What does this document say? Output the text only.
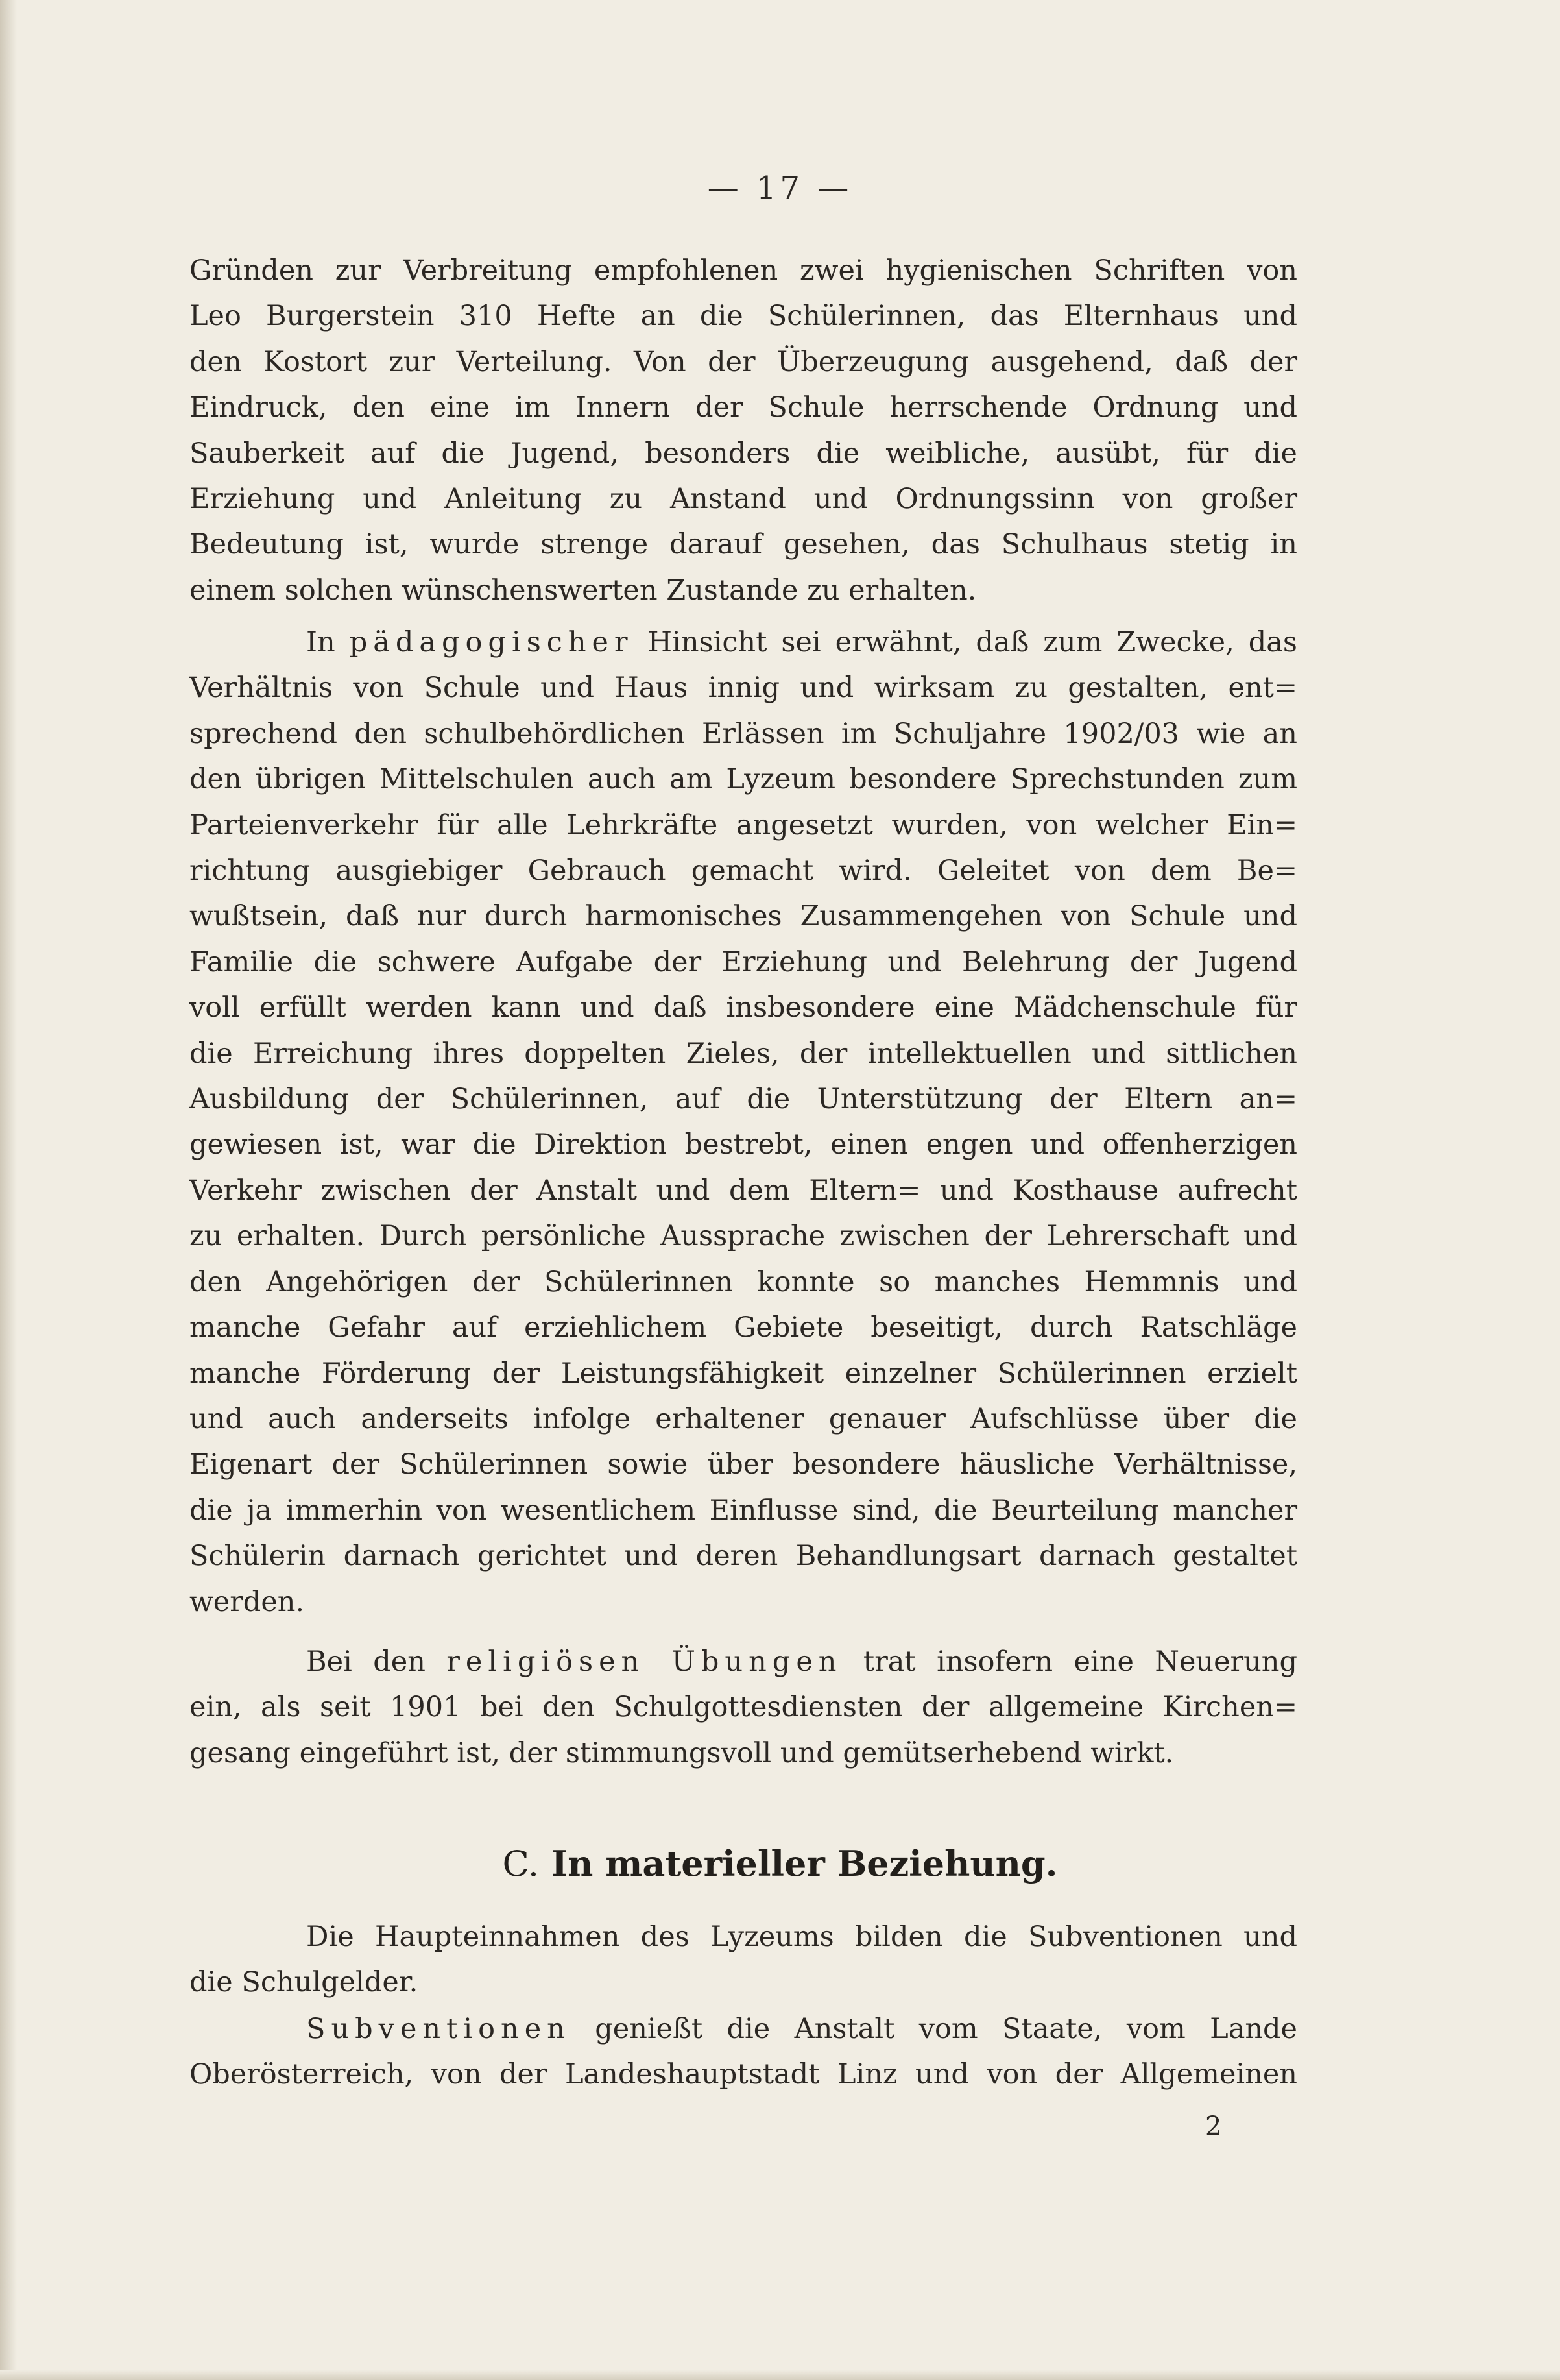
— 17 —
Gründen zur Verbreitung empfohlenen zwei hygienischen Schriften von
Leo Burgerstein 310 Hefte an die Schülerinnen, das Elternhaus und
den Kostort zur Verteilung. Von der Überzeugung ausgehend, daß der
Eindruck, den eine im Innern der Schule herrschende Ordnung und
Sauberkeit auf die Jugend, besonders die weibliche, ausübt, für die
Erziehung und Anleitung zu Anstand und Ordnungssinn von großer
Bedeutung ist, wurde strenge darauf gesehen, das Schulhaus stetig in
einem solchen wünschenswerten Zustande zu erhalten.
In pädagogischer Hinsicht sei erwähnt, daß zum Zwecke, das
Verhältnis von Schule und Haus innig und wirksam zu gestalten, ent=
sprechend den schulbehördlichen Erlässen im Schuljahre 1902/03 wie an
den übrigen Mittelschulen auch am Lyzeum besondere Sprechstunden zum
Parteienverkehr für alle Lehrkräfte angesetzt wurden, von welcher Ein=
richtung ausgiebiger Gebrauch gemacht wird. Geleitet von dem Be=
wußtsein, daß nur durch harmonisches Zusammengehen von Schule und
Familie die schwere Aufgabe der Erziehung und Belehrung der Jugend
voll erfüllt werden kann und daß insbesondere eine Mädchenschule für
die Erreichung ihres doppelten Zieles, der intellektuellen und sittlichen
Ausbildung der Schülerinnen, auf die Unterstützung der Eltern an=
gewiesen ist, war die Direktion bestrebt, einen engen und offenherzigen
Verkehr zwischen der Anstalt und dem Eltern= und Kosthause aufrecht
zu erhalten. Durch persönliche Aussprache zwischen der Lehrerschaft und
den Angehörigen der Schülerinnen konnte so manches Hemmnis und
manche Gefahr auf erziehlichem Gebiete beseitigt, durch Ratschläge
manche Förderung der Leistungsfähigkeit einzelner Schülerinnen erzielt
und auch anderseits infolge erhaltener genauer Aufschlüsse über die
Eigenart der Schülerinnen sowie über besondere häusliche Verhältnisse,
die ja immerhin von wesentlichem Einflusse sind, die Beurteilung mancher
Schülerin darnach gerichtet und deren Behandlungsart darnach gestaltet
werden.
Bei den religiösen Übungen trat insofern eine Neuerung
ein, als seit 1901 bei den Schulgottesdiensten der allgemeine Kirchen=
gesang eingeführt ist, der stimmungsvoll und gemütserhebend wirkt.
C. In materieller Beziehung.
Die Haupteinnahmen des Lyzeums bilden die Subventionen und
die Schulgelder.
Subventionen genießt die Anstalt vom Staate, vom Lande
Oberösterreich, von der Landeshauptstadt Linz und von der Allgemeinen
2
